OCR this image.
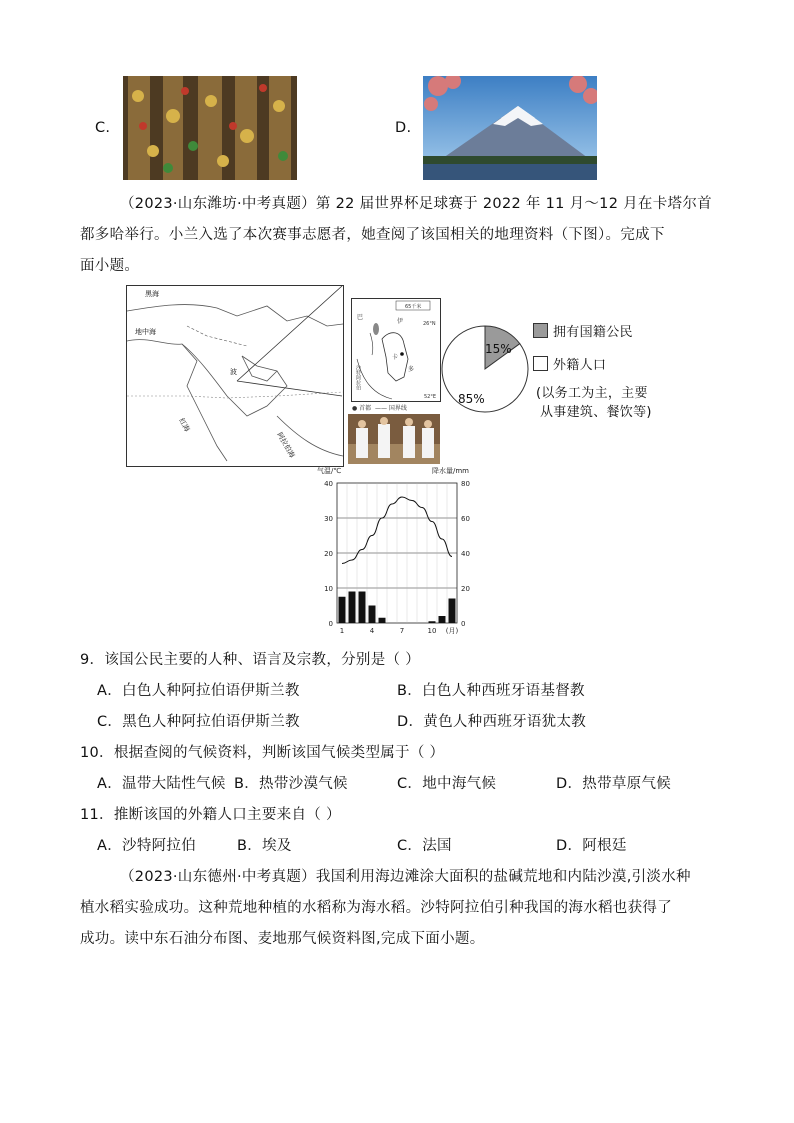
C.	D.
（2023·山东潍坊·中考真题）第 22 届世界杯足球赛于 2022 年 11 月～12 月在卡塔尔首
都多哈举行。小兰入选了本次赛事志愿者，她查阅了该国相关的地理资料（下图）。完成下
面小题。
黑海
地中海
红海
阿拉伯海
波
65千米
26°N
52°E
巴
伊
卡
多
沙特阿拉伯
● 首都  —— 国界线
15%
85%
拥有国籍公民
外籍人口
(以务工为主，主要
从事建筑、餐饮等)
气温/℃	降水量/mm
0	0
10	20
20	40
30	60
40	80
1	4	7	10 (月)
9．该国公民主要的人种、语言及宗教，分别是（ ）
A．白色人种阿拉伯语伊斯兰教	B．白色人种西班牙语基督教
C．黑色人种阿拉伯语伊斯兰教	D．黄色人种西班牙语犹太教
10．根据查阅的气候资料，判断该国气候类型属于（ ）
A．温带大陆性气候 B．热带沙漠气候	C．地中海气候	D．热带草原气候
11．推断该国的外籍人口主要来自（ ）
A．沙特阿拉伯	B．埃及	C．法国	D．阿根廷
（2023·山东德州·中考真题）我国利用海边滩涂大面积的盐碱荒地和内陆沙漠,引淡水种
植水稻实验成功。这种荒地种植的水稻称为海水稻。沙特阿拉伯引种我国的海水稻也获得了
成功。读中东石油分布图、麦地那气候资料图,完成下面小题。
